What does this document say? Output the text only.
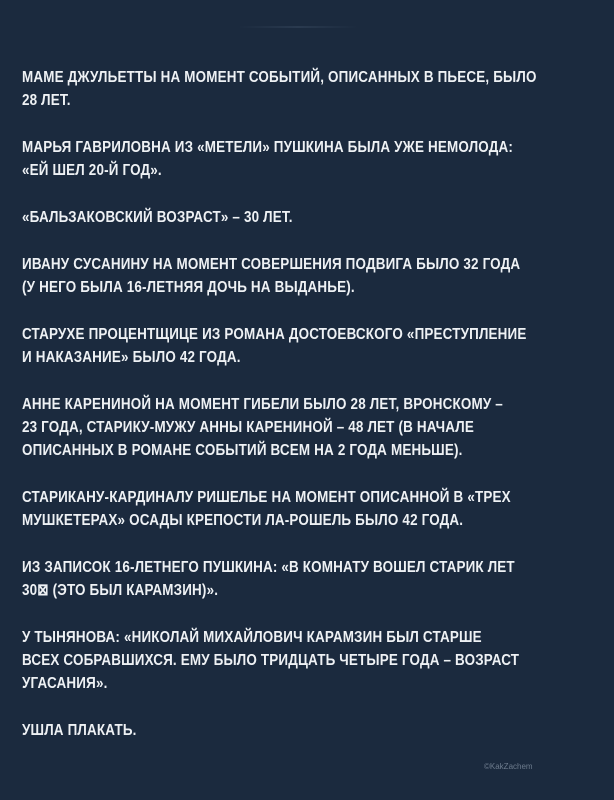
МАМЕ ДЖУЛЬЕТТЫ НА МОМЕНТ СОБЫТИЙ, ОПИСАННЫХ В ПЬЕСЕ, БЫЛО
28 ЛЕТ.
МАРЬЯ ГАВРИЛОВНА ИЗ «МЕТЕЛИ» ПУШКИНА БЫЛА УЖЕ НЕМОЛОДА:
«ЕЙ ШЕЛ 20-Й ГОД».
«БАЛЬЗАКОВСКИЙ ВОЗРАСТ» – 30 ЛЕТ.
ИВАНУ СУСАНИНУ НА МОМЕНТ СОВЕРШЕНИЯ ПОДВИГА БЫЛО 32 ГОДА
(У НЕГО БЫЛА 16-ЛЕТНЯЯ ДОЧЬ НА ВЫДАНЬЕ).
СТАРУХЕ ПРОЦЕНТЩИЦЕ ИЗ РОМАНА ДОСТОЕВСКОГО «ПРЕСТУПЛЕНИЕ
И НАКАЗАНИЕ» БЫЛО 42 ГОДА.
АННЕ КАРЕНИНОЙ НА МОМЕНТ ГИБЕЛИ БЫЛО 28 ЛЕТ, ВРОНСКОМУ –
23 ГОДА, СТАРИКУ-МУЖУ АННЫ КАРЕНИНОЙ – 48 ЛЕТ (В НАЧАЛЕ
ОПИСАННЫХ В РОМАНЕ СОБЫТИЙ ВСЕМ НА 2 ГОДА МЕНЬШЕ).
СТАРИКАНУ-КАРДИНАЛУ РИШЕЛЬЕ НА МОМЕНТ ОПИСАННОЙ В «ТРЕХ
МУШКЕТЕРАХ» ОСАДЫ КРЕПОСТИ ЛА-РОШЕЛЬ БЫЛО 42 ГОДА.
ИЗ ЗАПИСОК 16-ЛЕТНЕГО ПУШКИНА: «В КОМНАТУ ВОШЕЛ СТАРИК ЛЕТ
30⊠ (ЭТО БЫЛ КАРАМЗИН)».
У ТЫНЯНОВА: «НИКОЛАЙ МИХАЙЛОВИЧ КАРАМЗИН БЫЛ СТАРШЕ
ВСЕХ СОБРАВШИХСЯ. ЕМУ БЫЛО ТРИДЦАТЬ ЧЕТЫРЕ ГОДА – ВОЗРАСТ
УГАСАНИЯ».
УШЛА ПЛАКАТЬ.
©KakZachem
